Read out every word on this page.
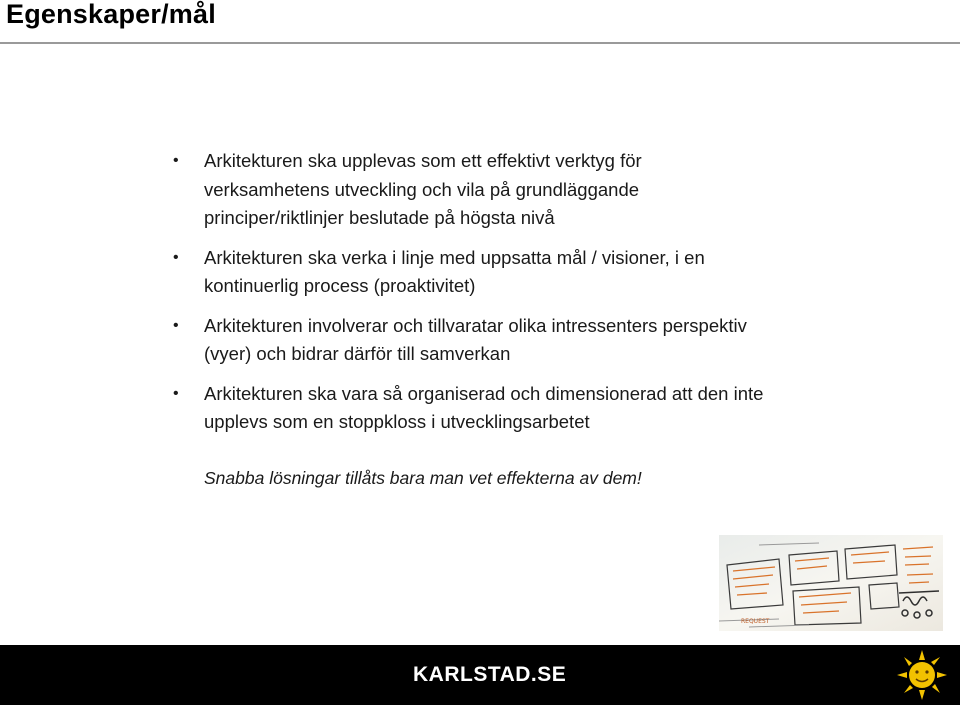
Egenskaper/mål
• Arkitekturen ska upplevas som ett effektivt verktyg för verksamhetens utveckling och vila på grundläggande principer/riktlinjer beslutade på högsta nivå
• Arkitekturen ska verka i linje med uppsatta mål / visioner, i en kontinuerlig process (proaktivitet)
• Arkitekturen involverar och tillvaratar olika intressenters perspektiv (vyer) och bidrar därför till samverkan
• Arkitekturen ska vara så organiserad och dimensionerad att den inte upplevs som en stoppkloss i utvecklingsarbetet

Snabba lösningar tillåts bara man vet effekterna av dem!

REQUEST
KARLSTAD.SE
